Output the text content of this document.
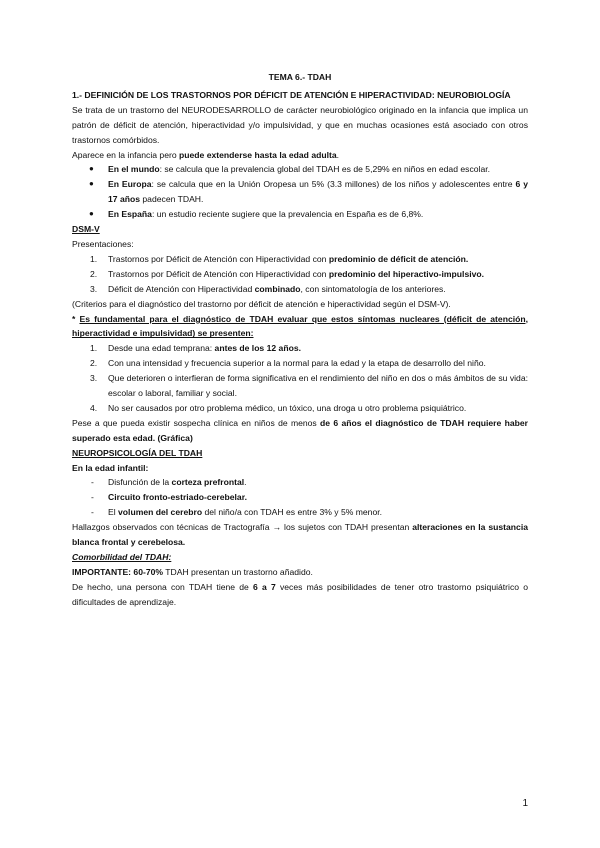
TEMA 6.- TDAH
1.- DEFINICIÓN DE LOS TRASTORNOS POR DÉFICIT DE ATENCIÓN E HIPERACTIVIDAD: NEUROBIOLOGÍA
Se trata de un trastorno del NEURODESARROLLO de carácter neurobiológico originado en la infancia que implica un patrón de déficit de atención, hiperactividad y/o impulsividad, y que en muchas ocasiones está asociado con otros trastornos comórbidos.
Aparece en la infancia pero puede extenderse hasta la edad adulta.
● En el mundo: se calcula que la prevalencia global del TDAH es de 5,29% en niños en edad escolar.
● En Europa: se calcula que en la Unión Oropesa un 5% (3.3 millones) de los niños y adolescentes entre 6 y 17 años padecen TDAH.
● En España: un estudio reciente sugiere que la prevalencia en España es de 6,8%.
DSM-V
Presentaciones:
1. Trastornos por Déficit de Atención con Hiperactividad con predominio de déficit de atención.
2. Trastornos por Déficit de Atención con Hiperactividad con predominio del hiperactivo-impulsivo.
3. Déficit de Atención con Hiperactividad combinado, con sintomatología de los anteriores.
(Criterios para el diagnóstico del trastorno por déficit de atención e hiperactividad según el DSM-V).
* Es fundamental para el diagnóstico de TDAH evaluar que estos síntomas nucleares (déficit de atención, hiperactividad e impulsividad) se presenten:
1. Desde una edad temprana: antes de los 12 años.
2. Con una intensidad y frecuencia superior a la normal para la edad y la etapa de desarrollo del niño.
3. Que deterioren o interfieran de forma significativa en el rendimiento del niño en dos o más ámbitos de su vida: escolar o laboral, familiar y social.
4. No ser causados por otro problema médico, un tóxico, una droga u otro problema psiquiátrico.
Pese a que pueda existir sospecha clínica en niños de menos de 6 años el diagnóstico de TDAH requiere haber superado esta edad. (Gráfica)
NEUROPSICOLOGÍA DEL TDAH
En la edad infantil:
- Disfunción de la corteza prefrontal.
- Circuito fronto-estriado-cerebelar.
- El volumen del cerebro del niño/a con TDAH es entre 3% y 5% menor.
Hallazgos observados con técnicas de Tractografía → los sujetos con TDAH presentan alteraciones en la sustancia blanca frontal y cerebelosa.
Comorbilidad del TDAH:
IMPORTANTE: 60-70% TDAH presentan un trastorno añadido.
De hecho, una persona con TDAH tiene de 6 a 7 veces más posibilidades de tener otro trastorno psiquiátrico o dificultades de aprendizaje.
1
